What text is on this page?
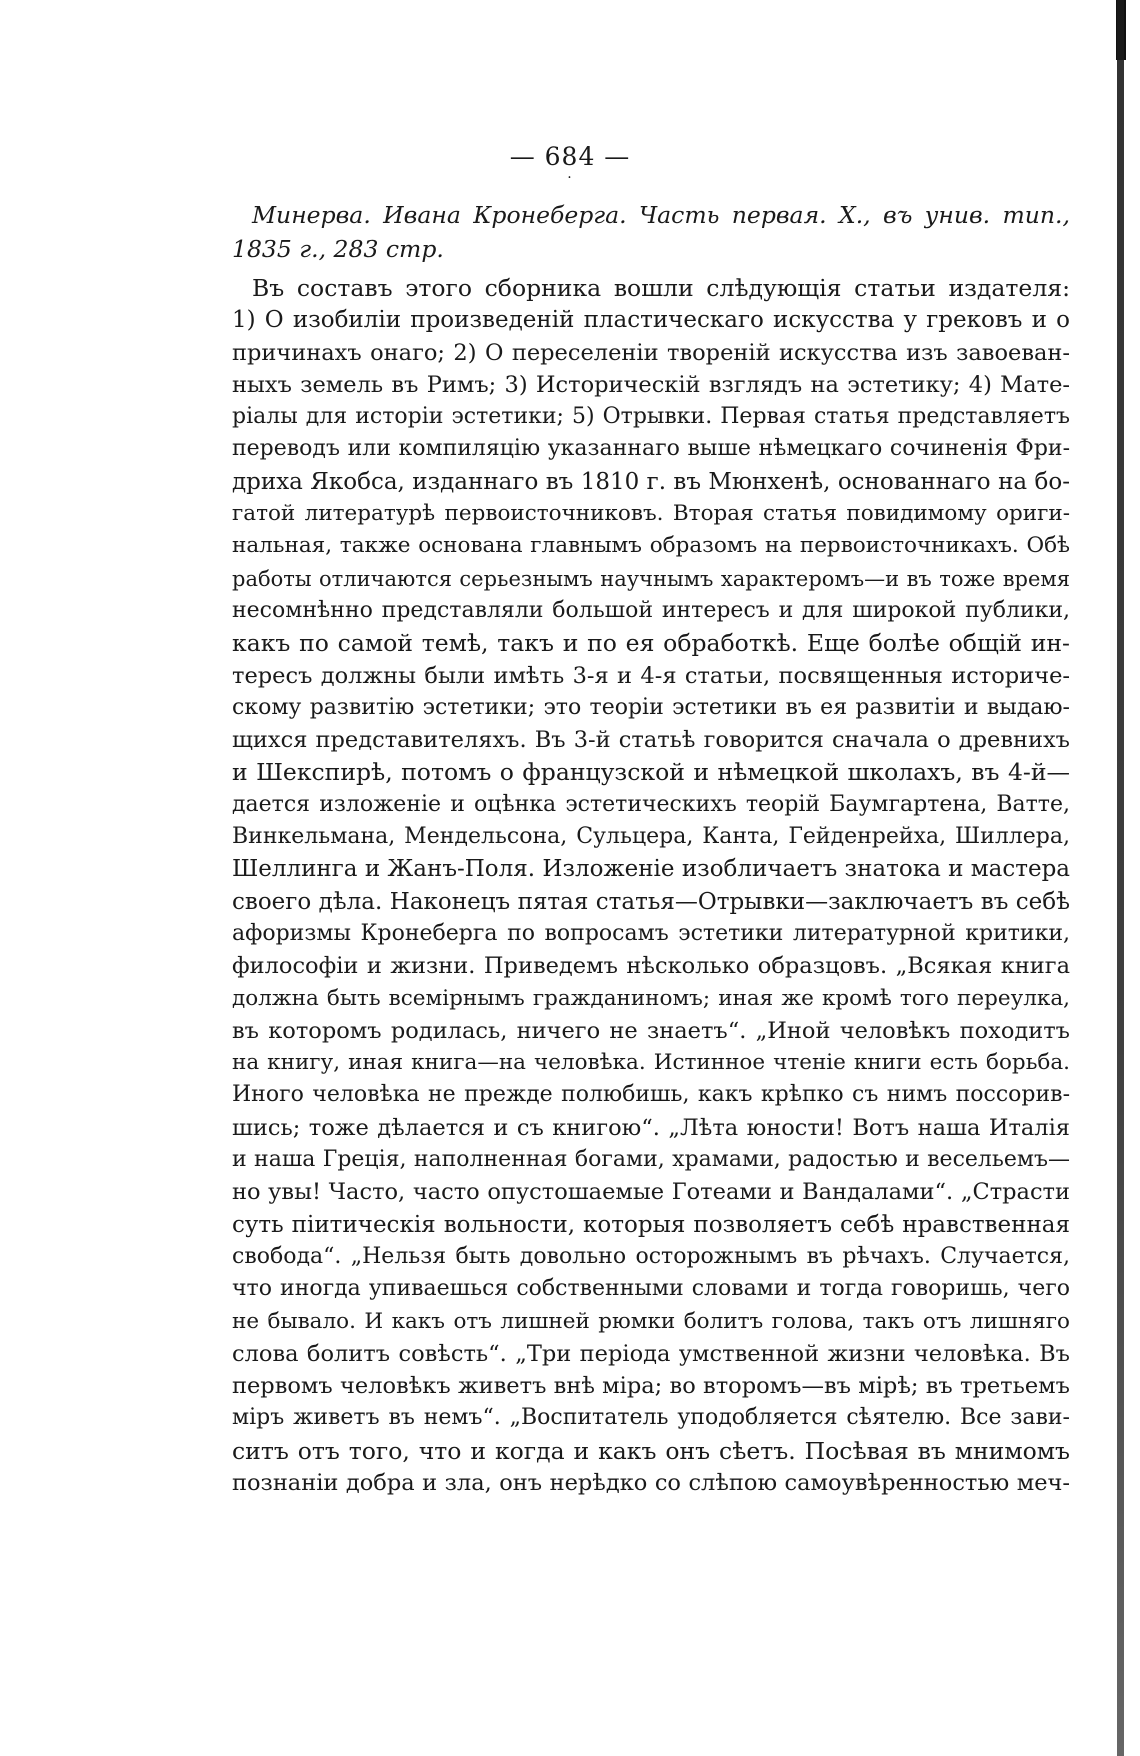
— 684 —
·
Минерва. Ивана Кронеберга. Часть первая. X., въ унив. тип.,
1835 г., 283 стр.
Въ составъ этого сборника вошли слѣдующія статьи издателя:
1) О изобиліи произведеній пластическаго искусства у грековъ и о
причинахъ онаго; 2) О переселеніи твореній искусства изъ завоеван-
ныхъ земель въ Римъ; 3) Историческій взглядъ на эстетику; 4) Мате-
ріалы для исторіи эстетики; 5) Отрывки. Первая статья представляетъ
переводъ или компиляцію указаннаго выше нѣмецкаго сочиненія Фри-
дриха Якобса, изданнаго въ 1810 г. въ Мюнхенѣ, основаннаго на бо-
гатой литературѣ первоисточниковъ. Вторая статья повидимому ориги-
нальная, также основана главнымъ образомъ на первоисточникахъ. Обѣ
работы отличаются серьезнымъ научнымъ характеромъ—и въ тоже время
несомнѣнно представляли большой интересъ и для широкой публики,
какъ по самой темѣ, такъ и по ея обработкѣ. Еще болѣе общій ин-
тересъ должны были имѣть 3-я и 4-я статьи, посвященныя историче-
скому развитію эстетики; это теоріи эстетики въ ея развитіи и выдаю-
щихся представителяхъ. Въ 3-й статьѣ говорится сначала о древнихъ
и Шекспирѣ, потомъ о французской и нѣмецкой школахъ, въ 4-й—
дается изложеніе и оцѣнка эстетическихъ теорій Баумгартена, Ватте,
Винкельмана, Мендельсона, Сульцера, Канта, Гейденрейха, Шиллера,
Шеллинга и Жанъ-Поля. Изложеніе изобличаетъ знатока и мастера
своего дѣла. Наконецъ пятая статья—Отрывки—заключаетъ въ себѣ
афоризмы Кронеберга по вопросамъ эстетики литературной критики,
философіи и жизни. Приведемъ нѣсколько образцовъ. „Всякая книга
должна быть всемірнымъ гражданиномъ; иная же кромѣ того переулка,
въ которомъ родилась, ничего не знаетъ“. „Иной человѣкъ походитъ
на книгу, иная книга—на человѣка. Истинное чтеніе книги есть борьба.
Иного человѣка не прежде полюбишь, какъ крѣпко съ нимъ поссорив-
шись; тоже дѣлается и съ книгою“. „Лѣта юности! Вотъ наша Италія
и наша Греція, наполненная богами, храмами, радостью и весельемъ—
но увы! Часто, часто опустошаемые Готеами и Вандалами“. „Страсти
суть піитическія вольности, которыя позволяетъ себѣ нравственная
свобода“. „Нельзя быть довольно осторожнымъ въ рѣчахъ. Случается,
что иногда упиваешься собственными словами и тогда говоришь, чего
не бывало. И какъ отъ лишней рюмки болитъ голова, такъ отъ лишняго
слова болитъ совѣсть“. „Три періода умственной жизни человѣка. Въ
первомъ человѣкъ живетъ внѣ міра; во второмъ—въ мірѣ; въ третьемъ
міръ живетъ въ немъ“. „Воспитатель уподобляется сѣятелю. Все зави-
ситъ отъ того, что и когда и какъ онъ сѣетъ. Посѣвая въ мнимомъ
познаніи добра и зла, онъ нерѣдко со слѣпою самоувѣренностью меч-
